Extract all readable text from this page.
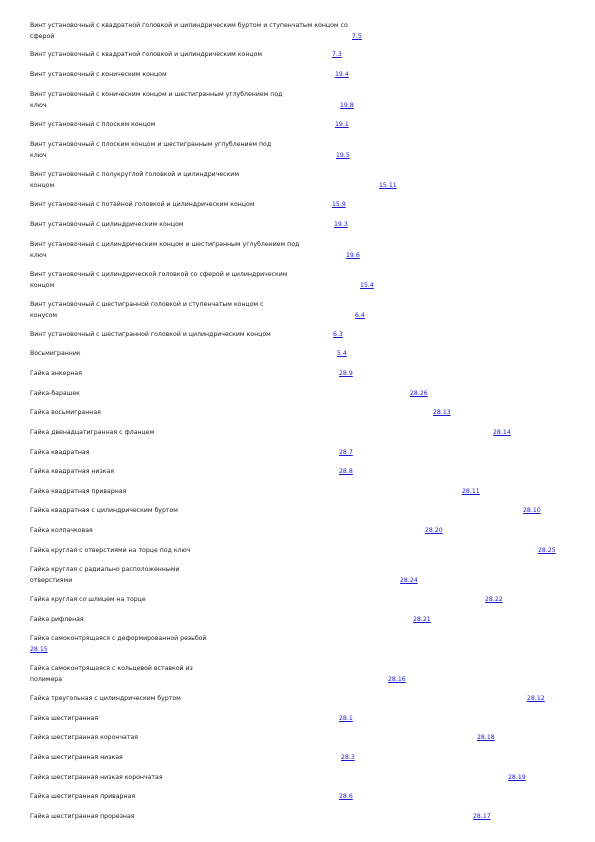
Винт установочный с квадратной головкой и цилиндрическим буртом и ступенчатым концом со
сферой	7.5
Винт установочный с квадратной головкой и цилиндрическим концом	7.3
Винт установочный с коническим концом	19.4
Винт установочный с коническим концом и шестигранным углублением под
ключ	19.8
Винт установочный с плоским концом	19.1
Винт установочный с плоским концом и шестигранным углублением под
ключ	19.5
Винт установочный с полукруглой головкой и цилиндрическим
концом	15.11
Винт установочный с потайной головкой и цилиндрическим концом	15.9
Винт установочный с цилиндрическим концом	19.3
Винт установочный с цилиндрическим концом и шестигранным углублением под
ключ	19.6
Винт установочный с цилиндрической головкой со сферой и цилиндрическим
концом	15.4
Винт установочный с шестигранной головкой и ступенчатым концом с
конусом	6.4
Винт установочный с шестигранной головкой и цилиндрическим концом	6.3
Восьмигранник	5.4
Гайка анкерная	28.9
Гайка-барашек	28.26
Гайка восьмигранная	28.13
Гайка двенадцатигранная с фланцем	28.14
Гайка квадратная	28.7
Гайка квадратная низкая	28.8
Гайка квадратная приварная	28.11
Гайка квадратная с цилиндрическим буртом	28.10
Гайка колпачковая	28.20
Гайка круглая с отверстиями на торце под ключ	28.25
Гайка круглая с радиально расположенными
отверстиями	28.24
Гайка круглая со шлицем на торце	28.22
Гайка рифленая	28.21
Гайка самоконтрящаяся с деформированной резьбой
28.15
Гайка самоконтрящаяся с кольцевой вставкой из
полимера	28.16
Гайка треугольная с цилиндрическим буртом	28.12
Гайка шестигранная	28.1
Гайка шестигранная корончатая	28.18
Гайка шестигранная низкая	28.3
Гайка шестигранная низкая корончатая	28.19
Гайка шестигранная приварная	28.6
Гайка шестигранная прорезная	28.17
